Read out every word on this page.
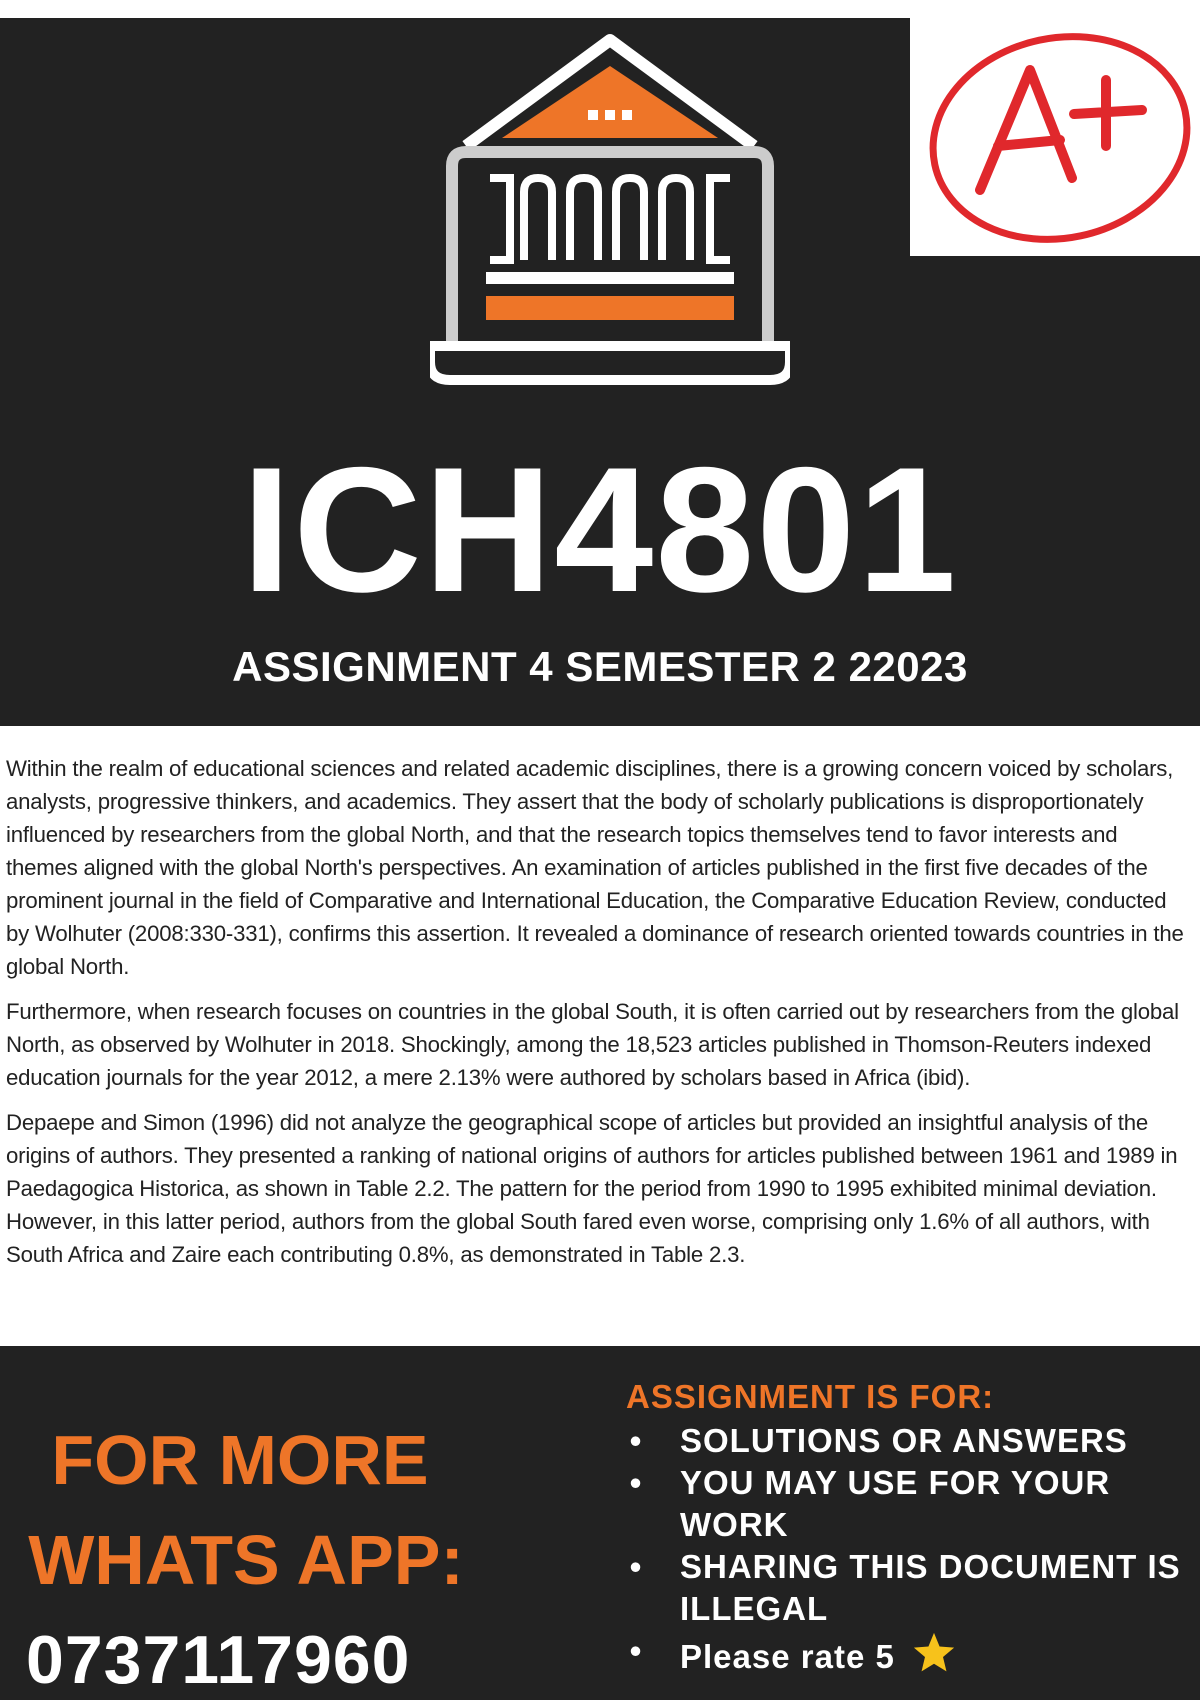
ICH4801
ASSIGNMENT 4 SEMESTER 2 22023

Within the realm of educational sciences and related academic disciplines, there is a growing concern voiced by scholars, analysts, progressive thinkers, and academics. They assert that the body of scholarly publications is disproportionately influenced by researchers from the global North, and that the research topics themselves tend to favor interests and themes aligned with the global North's perspectives. An examination of articles published in the first five decades of the prominent journal in the field of Comparative and International Education, the Comparative Education Review, conducted by Wolhuter (2008:330-331), confirms this assertion. It revealed a dominance of research oriented towards countries in the global North.

Furthermore, when research focuses on countries in the global South, it is often carried out by researchers from the global North, as observed by Wolhuter in 2018. Shockingly, among the 18,523 articles published in Thomson-Reuters indexed education journals for the year 2012, a mere 2.13% were authored by scholars based in Africa (ibid).

Depaepe and Simon (1996) did not analyze the geographical scope of articles but provided an insightful analysis of the origins of authors. They presented a ranking of national origins of authors for articles published between 1961 and 1989 in Paedagogica Historica, as shown in Table 2.2. The pattern for the period from 1990 to 1995 exhibited minimal deviation. However, in this latter period, authors from the global South fared even worse, comprising only 1.6% of all authors, with South Africa and Zaire each contributing 0.8%, as demonstrated in Table 2.3.

FOR MORE
WHATS APP:
0737117960
ASSIGNMENT IS FOR:
• SOLUTIONS OR ANSWERS
• YOU MAY USE FOR YOUR WORK
• SHARING THIS DOCUMENT IS ILLEGAL
• Please rate 5
